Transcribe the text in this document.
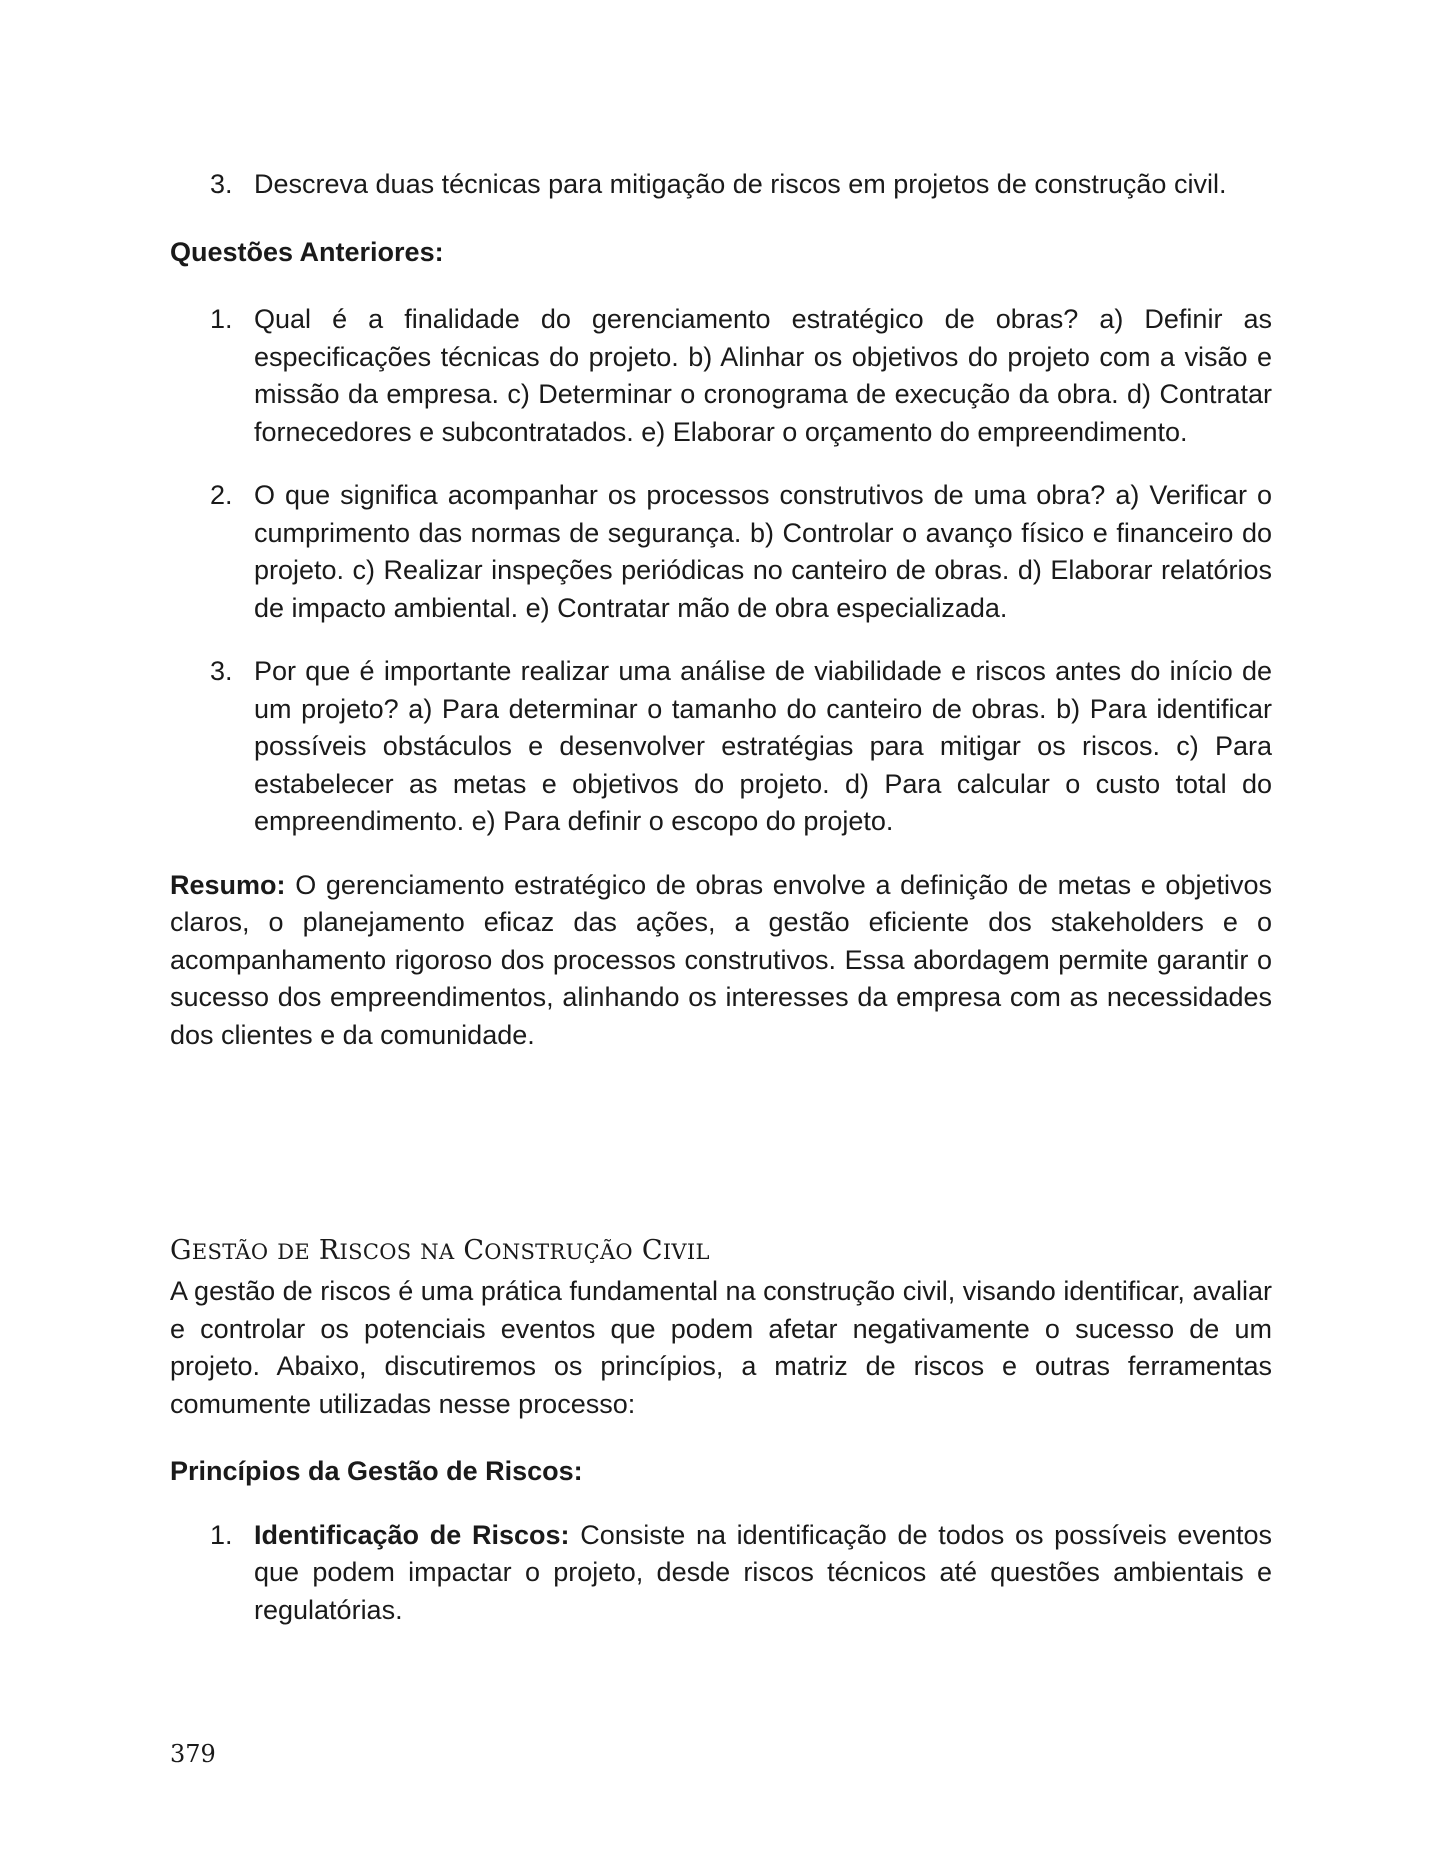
3. Descreva duas técnicas para mitigação de riscos em projetos de construção civil.

Questões Anteriores:

1. Qual é a finalidade do gerenciamento estratégico de obras? a) Definir as especificações técnicas do projeto. b) Alinhar os objetivos do projeto com a visão e missão da empresa. c) Determinar o cronograma de execução da obra. d) Contratar fornecedores e subcontratados. e) Elaborar o orçamento do empreendimento.

2. O que significa acompanhar os processos construtivos de uma obra? a) Verificar o cumprimento das normas de segurança. b) Controlar o avanço físico e financeiro do projeto. c) Realizar inspeções periódicas no canteiro de obras. d) Elaborar relatórios de impacto ambiental. e) Contratar mão de obra especializada.

3. Por que é importante realizar uma análise de viabilidade e riscos antes do início de um projeto? a) Para determinar o tamanho do canteiro de obras. b) Para identificar possíveis obstáculos e desenvolver estratégias para mitigar os riscos. c) Para estabelecer as metas e objetivos do projeto. d) Para calcular o custo total do empreendimento. e) Para definir o escopo do projeto.

Resumo: O gerenciamento estratégico de obras envolve a definição de metas e objetivos claros, o planejamento eficaz das ações, a gestão eficiente dos stakeholders e o acompanhamento rigoroso dos processos construtivos. Essa abordagem permite garantir o sucesso dos empreendimentos, alinhando os interesses da empresa com as necessidades dos clientes e da comunidade.

GESTÃO DE RISCOS NA CONSTRUÇÃO CIVIL

A gestão de riscos é uma prática fundamental na construção civil, visando identificar, avaliar e controlar os potenciais eventos que podem afetar negativamente o sucesso de um projeto. Abaixo, discutiremos os princípios, a matriz de riscos e outras ferramentas comumente utilizadas nesse processo:

Princípios da Gestão de Riscos:

1. Identificação de Riscos: Consiste na identificação de todos os possíveis eventos que podem impactar o projeto, desde riscos técnicos até questões ambientais e regulatórias.

379
